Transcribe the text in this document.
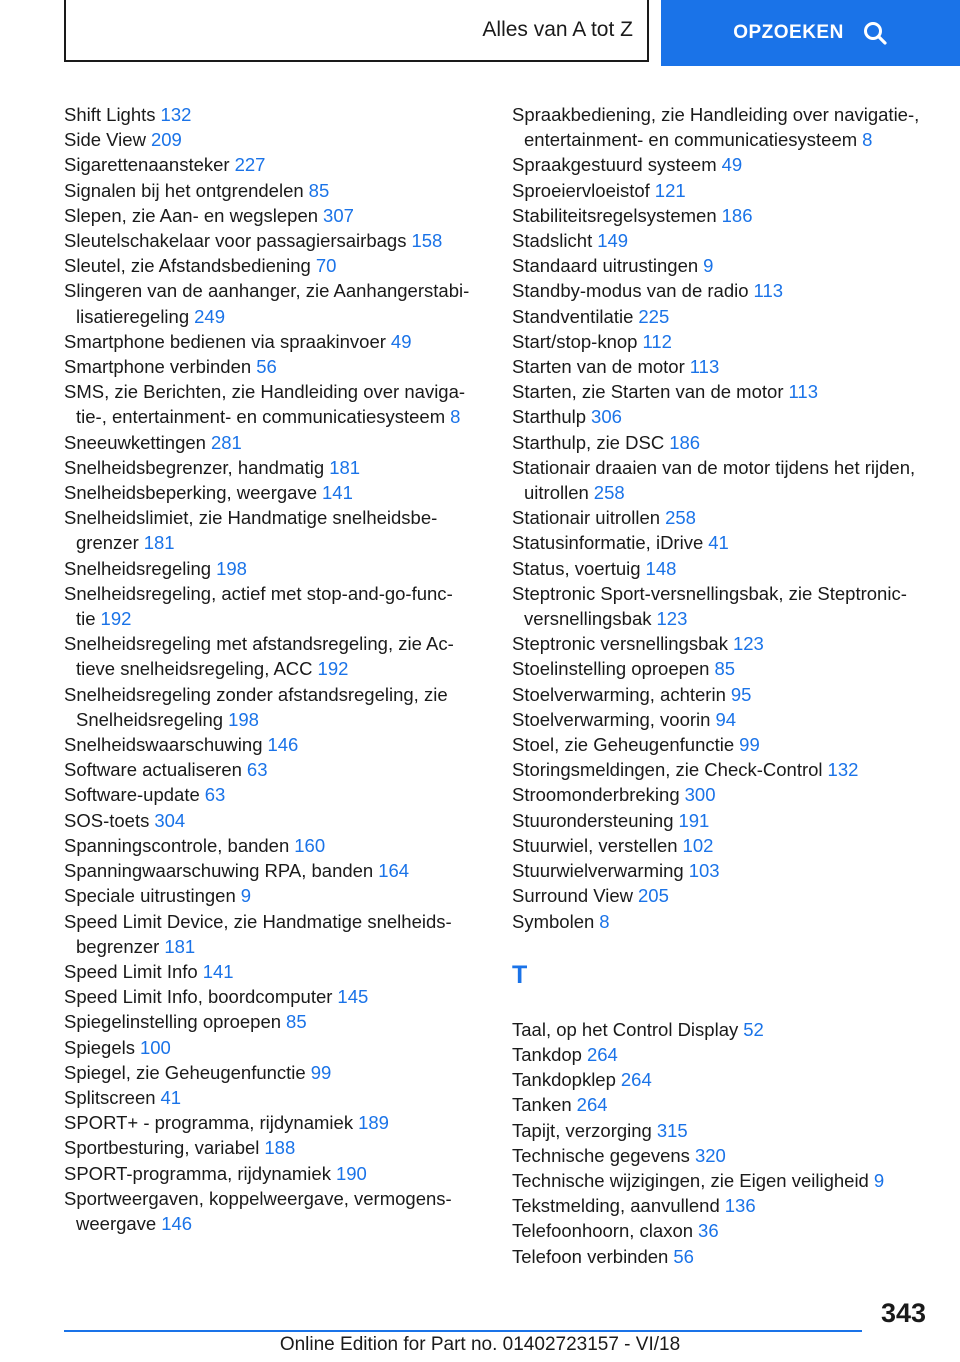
Alles van A tot Z	OPZOEKEN

Shift Lights 132

Side View 209

Sigarettenaansteker 227

Signalen bij het ontgrendelen 85

Slepen, zie Aan- en wegslepen 307

Sleutelschakelaar voor passagiersairbags 158

Sleutel, zie Afstandsbediening 70

Slingeren van de aanhanger, zie Aanhangerstabilisatieregeling 249

Smartphone bedienen via spraakinvoer 49

Smartphone verbinden 56

SMS, zie Berichten, zie Handleiding over navigatie-, entertainment- en communicatiesysteem 8

Sneeuwkettingen 281

Snelheidsbegrenzer, handmatig 181

Snelheidsbeperking, weergave 141

Snelheidslimiet, zie Handmatige snelheidsbegrenzer 181

Snelheidsregeling 198

Snelheidsregeling, actief met stop-and-go-functie 192

Snelheidsregeling met afstandsregeling, zie Actieve snelheidsregeling, ACC 192

Snelheidsregeling zonder afstandsregeling, zie Snelheidsregeling 198

Snelheidswaarschuwing 146

Software actualiseren 63

Software-update 63

SOS-toets 304

Spanningscontrole, banden 160

Spanningwaarschuwing RPA, banden 164

Speciale uitrustingen 9

Speed Limit Device, zie Handmatige snelheidsbegrenzer 181

Speed Limit Info 141

Speed Limit Info, boordcomputer 145

Spiegelinstelling oproepen 85

Spiegels 100

Spiegel, zie Geheugenfunctie 99

Splitscreen 41

SPORT+ - programma, rijdynamiek 189

Sportbesturing, variabel 188

SPORT-programma, rijdynamiek 190

Sportweergaven, koppelweergave, vermogensweergave 146

Spraakbediening, zie Handleiding over navigatie-, entertainment- en communicatiesysteem 8

Spraakgestuurd systeem 49

Sproeiervloeistof 121

Stabiliteitsregelsystemen 186

Stadslicht 149

Standaard uitrustingen 9

Standby-modus van de radio 113

Standventilatie 225

Start/stop-knop 112

Starten van de motor 113

Starten, zie Starten van de motor 113

Starthulp 306

Starthulp, zie DSC 186

Stationair draaien van de motor tijdens het rijden, uitrollen 258

Stationair uitrollen 258

Statusinformatie, iDrive 41

Status, voertuig 148

Steptronic Sport-versnellingsbak, zie Steptronic-versnellingsbak 123

Steptronic versnellingsbak 123

Stoelinstelling oproepen 85

Stoelverwarming, achterin 95

Stoelverwarming, voorin 94

Stoel, zie Geheugenfunctie 99

Storingsmeldingen, zie Check-Control 132

Stroomonderbreking 300

Stuurondersteuning 191

Stuurwiel, verstellen 102

Stuurwielverwarming 103

Surround View 205

Symbolen 8

T

Taal, op het Control Display 52

Tankdop 264

Tankdopklep 264

Tanken 264

Tapijt, verzorging 315

Technische gegevens 320

Technische wijzigingen, zie Eigen veiligheid 9

Tekstmelding, aanvullend 136

Telefoonhoorn, claxon 36

Telefoon verbinden 56

343
Online Edition for Part no. 01402723157 - VI/18
